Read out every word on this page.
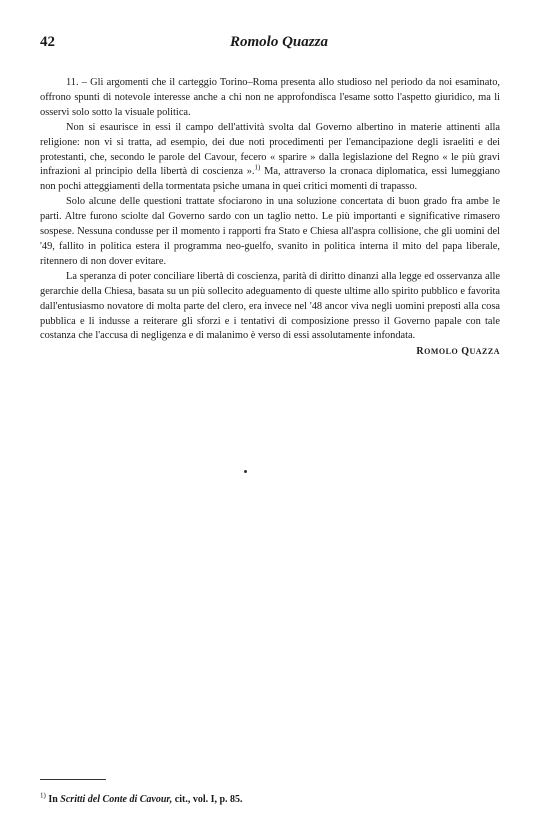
42	Romolo Quazza

11. – Gli argomenti che il carteggio Torino–Roma presenta allo studioso nel periodo da noi esaminato, offrono spunti di notevole interesse anche a chi non ne approfondisca l'esame sotto l'aspetto giuridico, ma li osservi solo sotto la visuale politica.

Non si esaurisce in essi il campo dell'attività svolta dal Governo albertino in materie attinenti alla religione: non vi si tratta, ad esempio, dei due noti procedimenti per l'emancipazione degli israeliti e dei protestanti, che, secondo le parole del Cavour, fecero « sparire » dalla legislazione del Regno « le più gravi infrazioni al principio della libertà di coscienza ».$^{1)}$ Ma, attraverso la cronaca diplomatica, essi lumeggiano non pochi atteggiamenti della tormentata psiche umana in quei critici momenti di trapasso.

Solo alcune delle questioni trattate sfociarono in una soluzione concertata di buon grado fra ambe le parti. Altre furono sciolte dal Governo sardo con un taglio netto. Le più importanti e significative rimasero sospese. Nessuna condusse per il momento i rapporti fra Stato e Chiesa all'aspra collisione, che gli uomini del '49, fallito in politica estera il programma neo-guelfo, svanito in politica interna il mito del papa liberale, ritennero di non dover evitare.

La speranza di poter conciliare libertà di coscienza, parità di diritto dinanzi alla legge ed osservanza alle gerarchie della Chiesa, basata su un più sollecito adeguamento di queste ultime allo spirito pubblico e favorita dall'entusiasmo novatore di molta parte del clero, era invece nel '48 ancor viva negli uomini preposti alla cosa pubblica e li indusse a reiterare gli sforzi e i tentativi di composizione presso il Governo papale con tale costanza che l'accusa di negligenza e di malanimo è verso di essi assolutamente infondata.

ROMOLO QUAZZA

$^{1)}$ In Scritti del Conte di Cavour, cit., vol. I, p. 85.
